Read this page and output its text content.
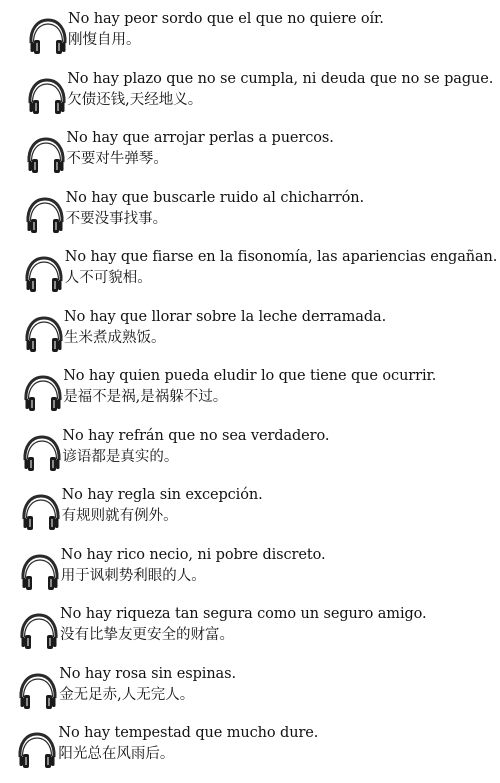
No hay peor sordo que el que no quiere oír.
刚愎自用。
No hay plazo que no se cumpla, ni deuda que no se pague.
欠债还钱,天经地义。
No hay que arrojar perlas a puercos.
不要对牛弹琴。
No hay que buscarle ruido al chicharrón.
不要没事找事。
No hay que fiarse en la fisonomía, las apariencias engañan.
人不可貌相。
No hay que llorar sobre la leche derramada.
生米煮成熟饭。
No hay quien pueda eludir lo que tiene que ocurrir.
是福不是祸,是祸躲不过。
No hay refrán que no sea verdadero.
谚语都是真实的。
No hay regla sin excepción.
有规则就有例外。
No hay rico necio, ni pobre discreto.
用于讽刺势利眼的人。
No hay riqueza tan segura como un seguro amigo.
没有比挚友更安全的财富。
No hay rosa sin espinas.
金无足赤,人无完人。
No hay tempestad que mucho dure.
阳光总在风雨后。
